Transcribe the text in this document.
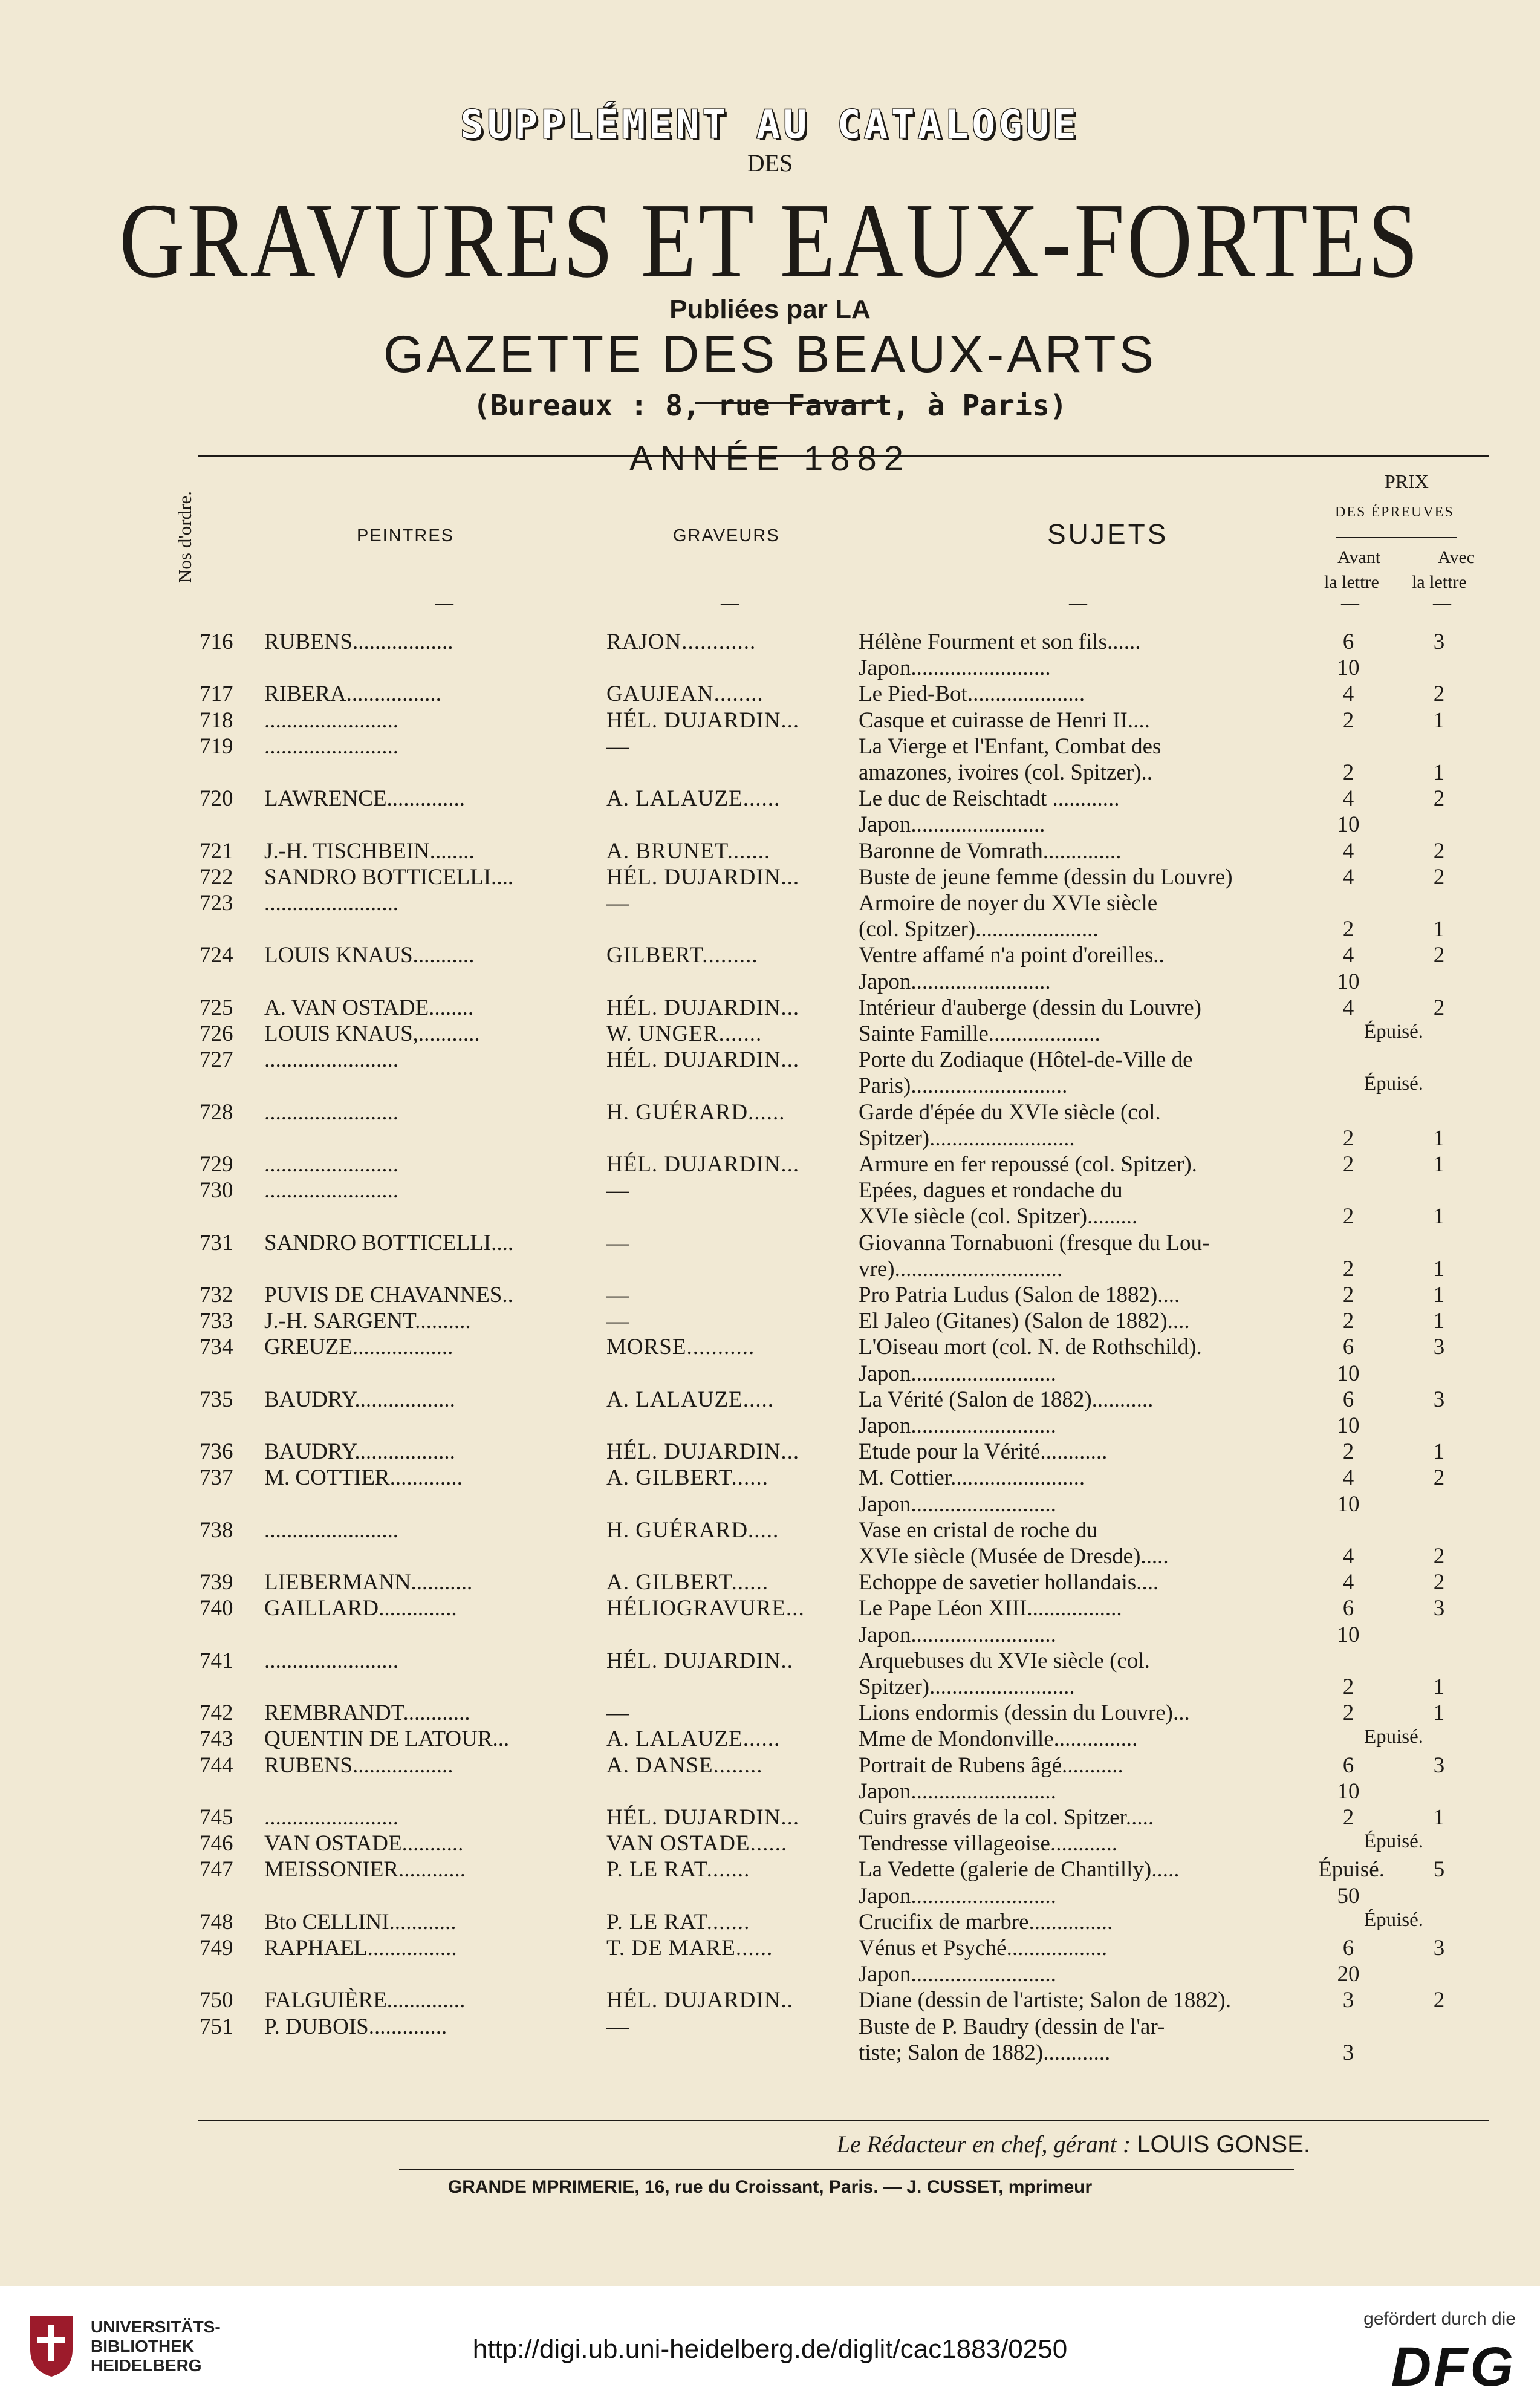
SUPPLÉMENT AU CATALOGUE
DES
GRAVURES ET EAUX-FORTES
Publiées par LA
GAZETTE DES BEAUX-ARTS
(Bureaux : 8, rue Favart, à Paris)
ANNÉE 1882
Nos d'ordre.	PEINTRES	GRAVEURS	SUJETS
PRIX
DES ÉPREUVES
Avant	Avec
la lettre la lettre
—	—	—	—	—
716	RUBENS..................	RAJON............	Hélène Fourment et son fils......	6	3
Japon.........................	10
717	RIBERA.................	GAUJEAN........	Le Pied-Bot.....................	4	2
718	........................	HÉL. DUJARDIN...	Casque et cuirasse de Henri II....	2	1
719	........................	—	La Vierge et l'Enfant, Combat des
amazones, ivoires (col. Spitzer)..	2	1
720	LAWRENCE..............	A. LALAUZE......	Le duc de Reischtadt ............	4	2
Japon........................	10
721	J.-H. TISCHBEIN........	A. BRUNET.......	Baronne de Vomrath..............	4	2
722	SANDRO BOTTICELLI....	HÉL. DUJARDIN...	Buste de jeune femme (dessin du Louvre)	4	2
723	........................	—	Armoire de noyer du XVIe siècle
(col. Spitzer)......................	2	1
724	LOUIS KNAUS...........	GILBERT.........	Ventre affamé n'a point d'oreilles..	4	2
Japon.........................	10
725	A. VAN OSTADE........	HÉL. DUJARDIN...	Intérieur d'auberge (dessin du Louvre)	4	2
726	LOUIS KNAUS,...........	W. UNGER.......	Sainte Famille....................	Épuisé.
727	........................	HÉL. DUJARDIN...	Porte du Zodiaque (Hôtel-de-Ville de
Paris)............................	Épuisé.
728	........................	H. GUÉRARD......	Garde d'épée du XVIe siècle (col.
Spitzer)..........................	2	1
729	........................	HÉL. DUJARDIN...	Armure en fer repoussé (col. Spitzer).	2	1
730	........................	—	Epées, dagues et rondache du
XVIe siècle (col. Spitzer).........	2	1
731	SANDRO BOTTICELLI....	—	Giovanna Tornabuoni (fresque du Lou-
vre)..............................	2	1
732	PUVIS DE CHAVANNES..	—	Pro Patria Ludus (Salon de 1882)....	2	1
733	J.-H. SARGENT..........	—	El Jaleo (Gitanes) (Salon de 1882)....	2	1
734	GREUZE..................	MORSE...........	L'Oiseau mort (col. N. de Rothschild).	6	3
Japon..........................	10
735	BAUDRY..................	A. LALAUZE.....	La Vérité (Salon de 1882)...........	6	3
Japon..........................	10
736	BAUDRY..................	HÉL. DUJARDIN...	Etude pour la Vérité............	2	1
737	M. COTTIER.............	A. GILBERT......	M. Cottier........................	4	2
Japon..........................	10
738	........................	H. GUÉRARD.....	Vase en cristal de roche du
XVIe siècle (Musée de Dresde).....	4	2
739	LIEBERMANN...........	A. GILBERT......	Echoppe de savetier hollandais....	4	2
740	GAILLARD..............	HÉLIOGRAVURE...	Le Pape Léon XIII.................	6	3
Japon..........................	10
741	........................	HÉL. DUJARDIN..	Arquebuses du XVIe siècle (col.
Spitzer)..........................	2	1
742	REMBRANDT............	—	Lions endormis (dessin du Louvre)...	2	1
743	QUENTIN DE LATOUR...	A. LALAUZE......	Mme de Mondonville...............	Epuisé.
744	RUBENS..................	A. DANSE........	Portrait de Rubens âgé...........	6	3
Japon..........................	10
745	........................	HÉL. DUJARDIN...	Cuirs gravés de la col. Spitzer.....	2	1
746	VAN OSTADE...........	VAN OSTADE......	Tendresse villageoise............	Épuisé.
747	MEISSONIER............	P. LE RAT.......	La Vedette (galerie de Chantilly).....	Épuisé.	5
Japon..........................	50
748	Bto CELLINI............	P. LE RAT.......	Crucifix de marbre...............	Épuisé.
749	RAPHAEL................	T. DE MARE......	Vénus et Psyché..................	6	3
Japon..........................	20
750	FALGUIÈRE..............	HÉL. DUJARDIN..	Diane (dessin de l'artiste; Salon de 1882).	3	2
751	P. DUBOIS..............	—	Buste de P. Baudry (dessin de l'ar-
tiste; Salon de 1882)............	3
Le Rédacteur en chef, gérant : LOUIS GONSE.
GRANDE MPRIMERIE, 16, rue du Croissant, Paris. — J. CUSSET, mprimeur
UNIVERSITÄTS-
BIBLIOTHEK
HEIDELBERG
http://digi.ub.uni-heidelberg.de/diglit/cac1883/0250
gefördert durch die
DFG
